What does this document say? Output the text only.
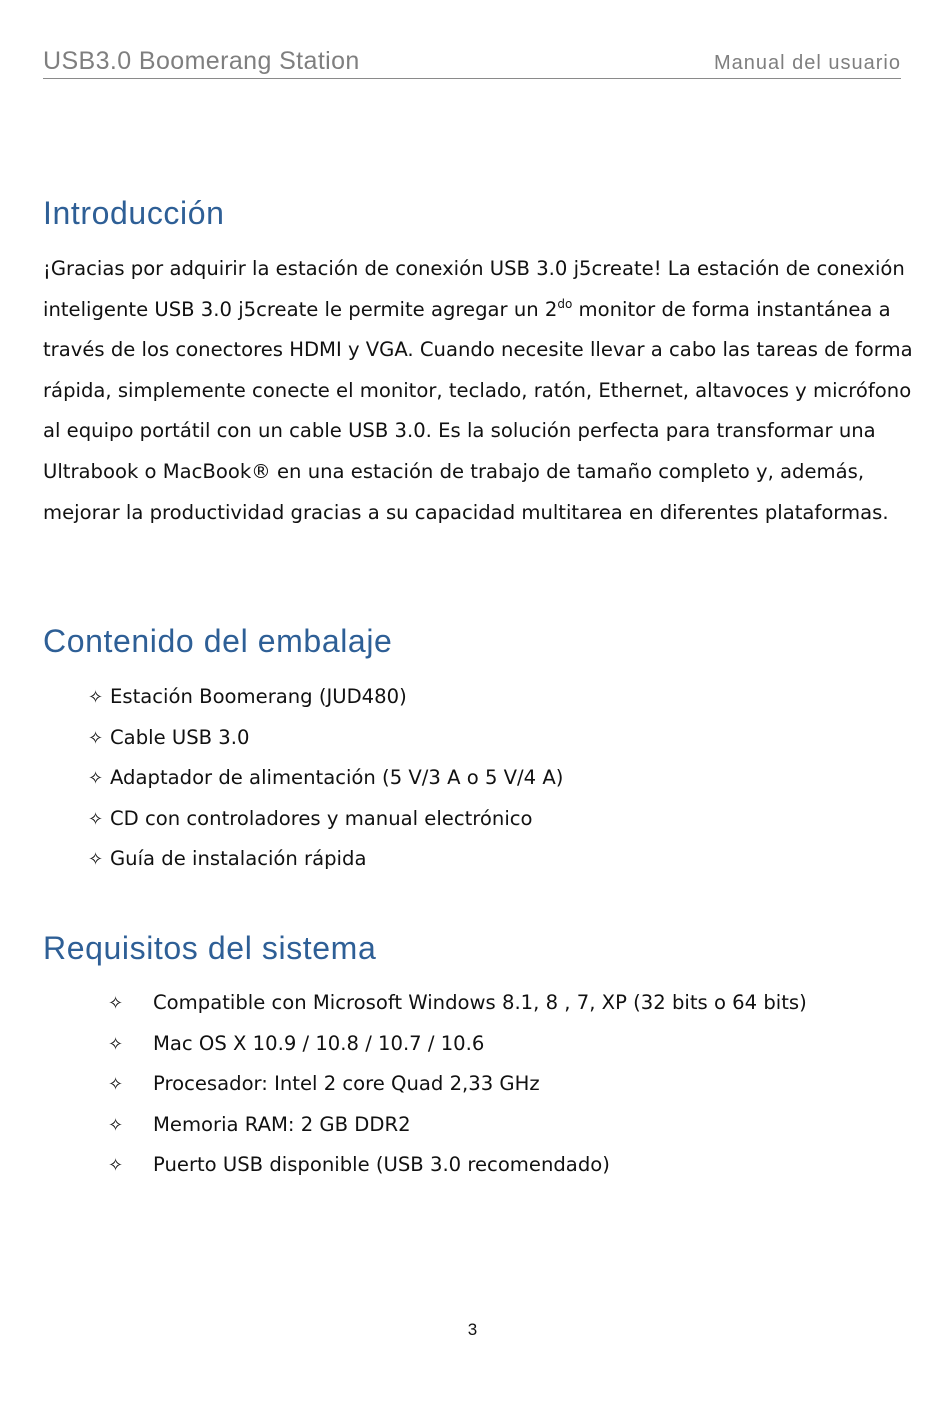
USB3.0 Boomerang Station	Manual del usuario
Introducción

¡Gracias por adquirir la estación de conexión USB 3.0 j5create! La estación de conexión inteligente USB 3.0 j5create le permite agregar un $2^{do}$ monitor de forma instantánea a través de los conectores HDMI y VGA. Cuando necesite llevar a cabo las tareas de forma rápida, simplemente conecte el monitor, teclado, ratón, Ethernet, altavoces y micrófono al equipo portátil con un cable USB 3.0. Es la solución perfecta para transformar una Ultrabook o MacBook® en una estación de trabajo de tamaño completo y, además, mejorar la productividad gracias a su capacidad multitarea en diferentes plataformas.

Contenido del embalaje
✧ Estación Boomerang (JUD480)
✧ Cable USB 3.0
✧ Adaptador de alimentación (5 V/3 A o 5 V/4 A)
✧ CD con controladores y manual electrónico
✧ Guía de instalación rápida
Requisitos del sistema
✧ Compatible con Microsoft Windows 8.1, 8 , 7, XP (32 bits o 64 bits)
✧ Mac OS X 10.9 / 10.8 / 10.7 / 10.6
✧ Procesador: Intel 2 core Quad 2,33 GHz
✧ Memoria RAM: 2 GB DDR2
✧ Puerto USB disponible (USB 3.0 recomendado)
3
